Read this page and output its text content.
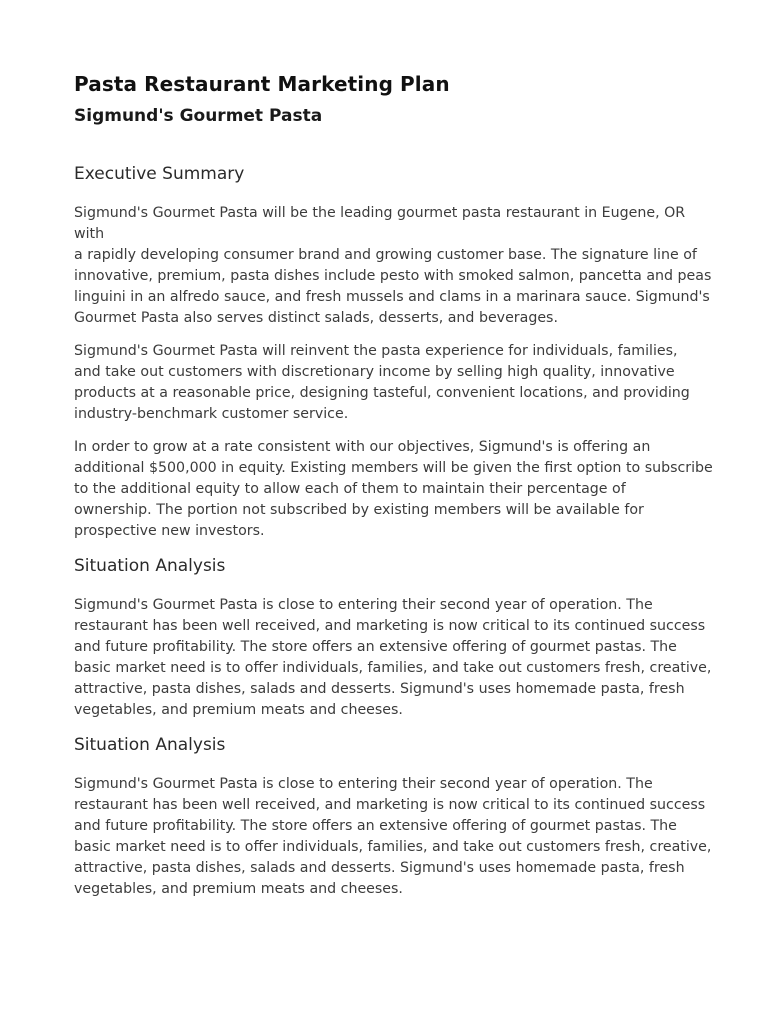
Pasta Restaurant Marketing Plan
Sigmund's Gourmet Pasta
Executive Summary

Sigmund's Gourmet Pasta will be the leading gourmet pasta restaurant in Eugene, OR with
a rapidly developing consumer brand and growing customer base. The signature line of
innovative, premium, pasta dishes include pesto with smoked salmon, pancetta and peas
linguini in an alfredo sauce, and fresh mussels and clams in a marinara sauce. Sigmund's
Gourmet Pasta also serves distinct salads, desserts, and beverages.

Sigmund's Gourmet Pasta will reinvent the pasta experience for individuals, families,
and take out customers with discretionary income by selling high quality, innovative
products at a reasonable price, designing tasteful, convenient locations, and providing
industry-benchmark customer service.

In order to grow at a rate consistent with our objectives, Sigmund's is offering an
additional $500,000 in equity. Existing members will be given the first option to subscribe
to the additional equity to allow each of them to maintain their percentage of
ownership. The portion not subscribed by existing members will be available for
prospective new investors.

Situation Analysis

Sigmund's Gourmet Pasta is close to entering their second year of operation. The
restaurant has been well received, and marketing is now critical to its continued success
and future profitability. The store offers an extensive offering of gourmet pastas. The
basic market need is to offer individuals, families, and take out customers fresh, creative,
attractive, pasta dishes, salads and desserts. Sigmund's uses homemade pasta, fresh
vegetables, and premium meats and cheeses.

Situation Analysis

Sigmund's Gourmet Pasta is close to entering their second year of operation. The
restaurant has been well received, and marketing is now critical to its continued success
and future profitability. The store offers an extensive offering of gourmet pastas. The
basic market need is to offer individuals, families, and take out customers fresh, creative,
attractive, pasta dishes, salads and desserts. Sigmund's uses homemade pasta, fresh
vegetables, and premium meats and cheeses.
